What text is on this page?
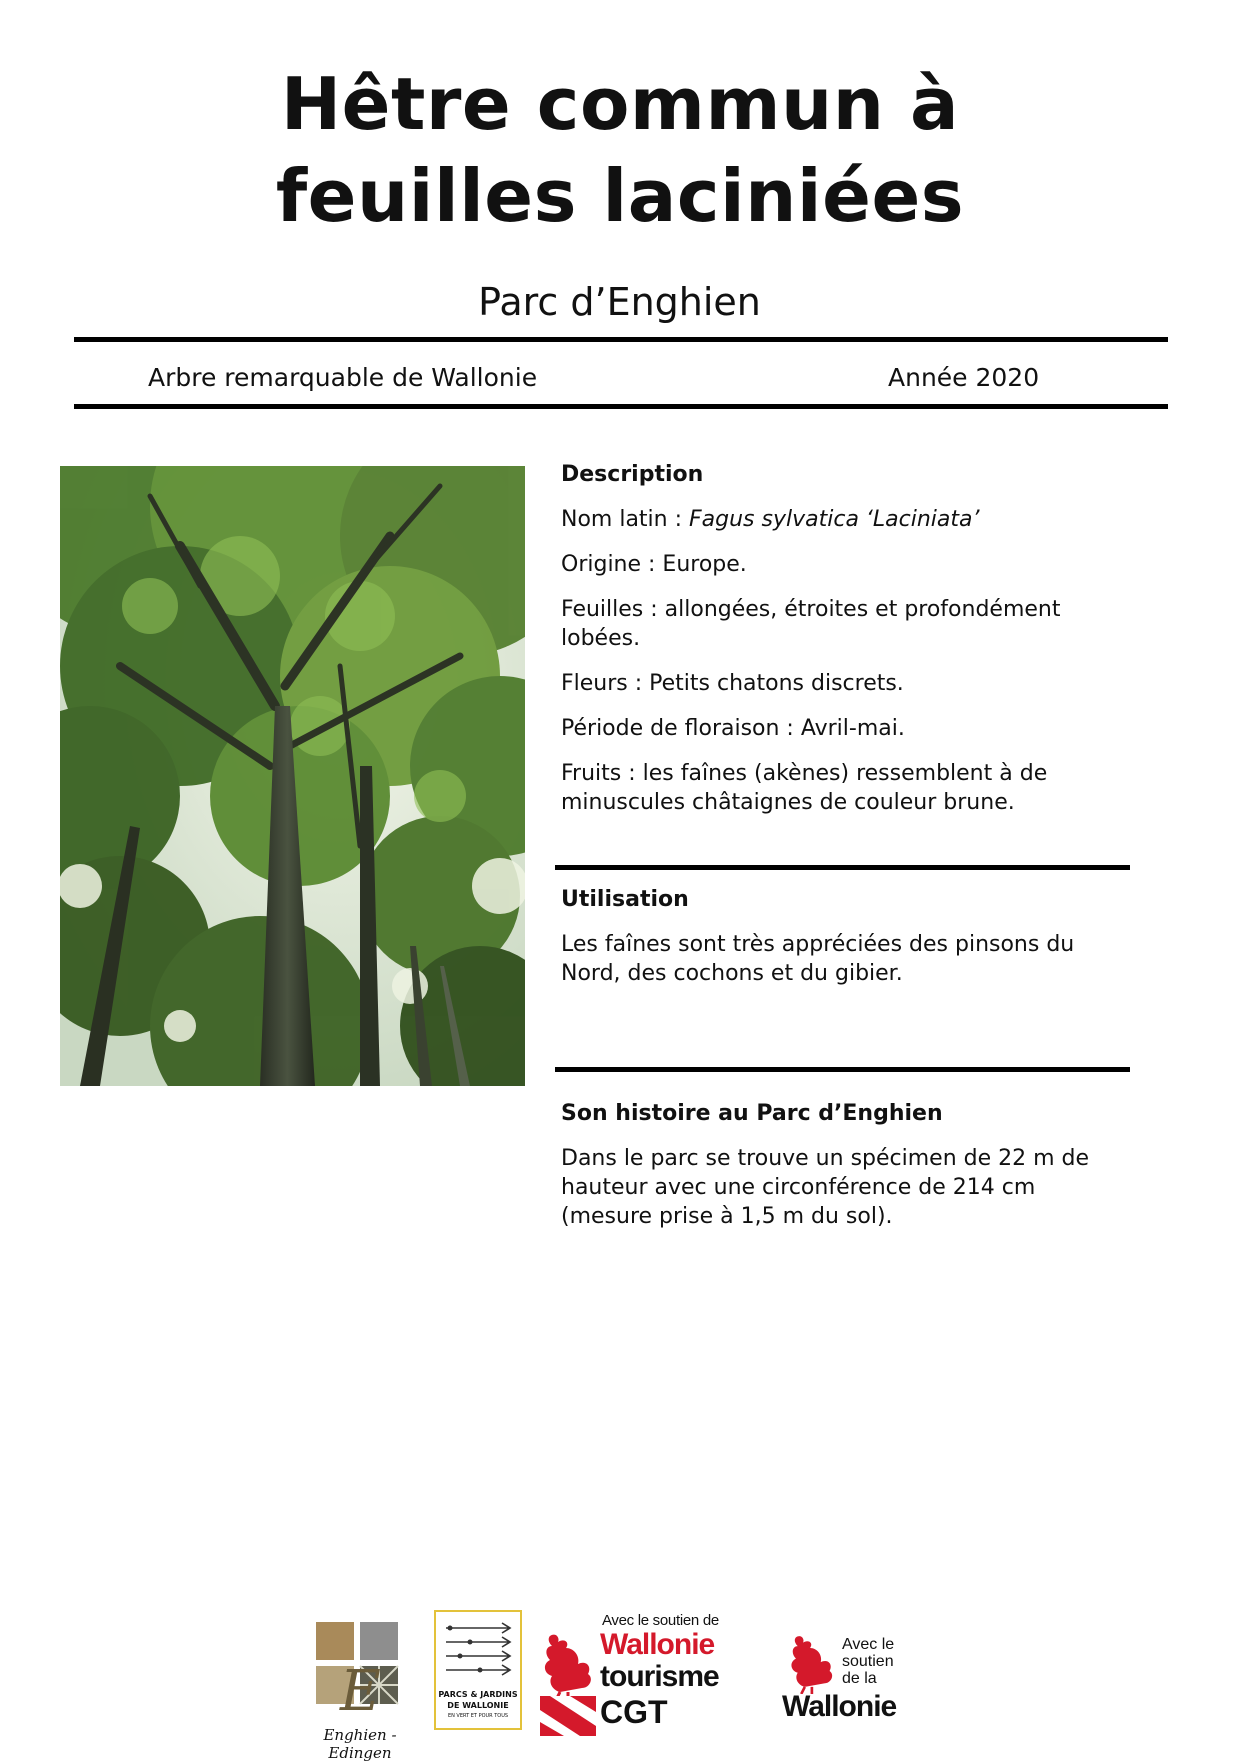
Hêtre commun à feuilles laciniées
Parc d’Enghien
Arbre remarquable de Wallonie	Année 2020
Description

Nom latin : Fagus sylvatica ‘Laciniata’

Origine : Europe.

Feuilles : allongées, étroites et profondément lobées.

Fleurs : Petits chatons discrets.

Période de floraison : Avril-mai.

Fruits : les faînes (akènes) ressemblent à de minuscules châtaignes de couleur brune.

Utilisation

Les faînes sont très appréciées des pinsons du Nord, des cochons et du gibier.

Son histoire au Parc d’Enghien

Dans le parc se trouve un spécimen de 22 m de hauteur avec une circonférence de 214 cm (mesure prise à 1,5 m du sol).

E
Enghien - Edingen
PARCS & JARDINS
DE WALLONIE
EN VERT ET POUR TOUS
Avec le soutien de
Wallonie
tourisme
CGT
Avec le
soutien
de la
Wallonie
